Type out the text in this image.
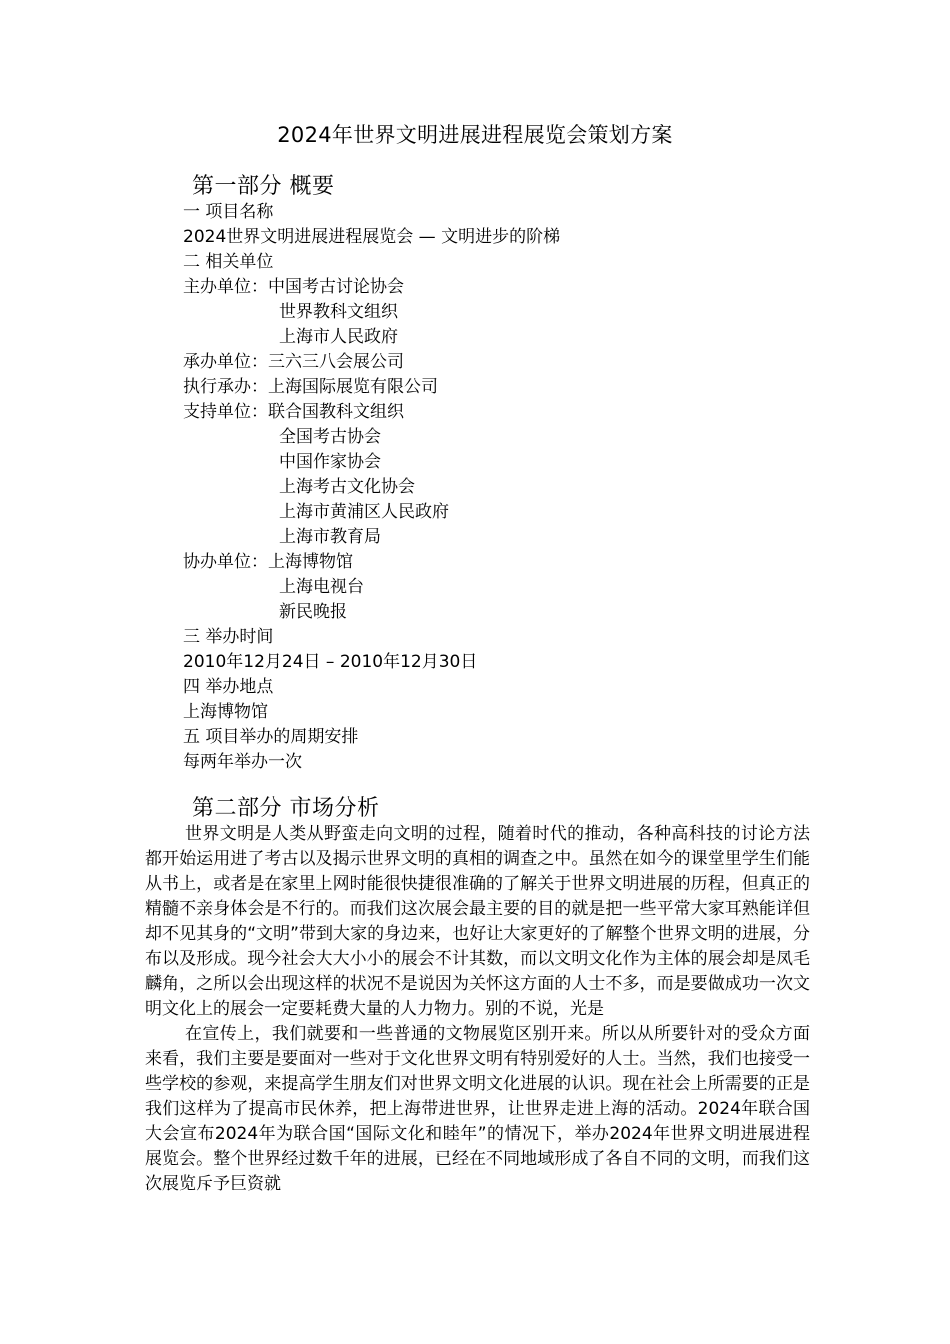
2024年世界文明进展进程展览会策划方案
第一部分 概要
一 项目名称
2024世界文明进展进程展览会 — 文明进步的阶梯
二 相关单位
主办单位：中国考古讨论协会
世界教科文组织
上海市人民政府
承办单位：三六三八会展公司
执行承办：上海国际展览有限公司
支持单位：联合国教科文组织
全国考古协会
中国作家协会
上海考古文化协会
上海市黄浦区人民政府
上海市教育局
协办单位：上海博物馆
上海电视台
新民晚报
三 举办时间
2010年12月24日 – 2010年12月30日
四 举办地点
上海博物馆
五 项目举办的周期安排
每两年举办一次
第二部分 市场分析

世界文明是人类从野蛮走向文明的过程，随着时代的推动，各种高科技的讨论方法都开始运用进了考古以及揭示世界文明的真相的调查之中。虽然在如今的课堂里学生们能从书上，或者是在家里上网时能很快捷很准确的了解关于世界文明进展的历程，但真正的精髓不亲身体会是不行的。而我们这次展会最主要的目的就是把一些平常大家耳熟能详但却不见其身的“文明”带到大家的身边来，也好让大家更好的了解整个世界文明的进展，分布以及形成。现今社会大大小小的展会不计其数，而以文明文化作为主体的展会却是凤毛麟角，之所以会出现这样的状况不是说因为关怀这方面的人士不多，而是要做成功一次文明文化上的展会一定要耗费大量的人力物力。别的不说，光是

在宣传上，我们就要和一些普通的文物展览区别开来。所以从所要针对的受众方面来看，我们主要是要面对一些对于文化世界文明有特别爱好的人士。当然，我们也接受一些学校的参观，来提高学生朋友们对世界文明文化进展的认识。现在社会上所需要的正是我们这样为了提高市民休养，把上海带进世界，让世界走进上海的活动。2024年联合国大会宣布2024年为联合国“国际文化和睦年”的情况下，举办2024年世界文明进展进程展览会。整个世界经过数千年的进展，已经在不同地域形成了各自不同的文明，而我们这次展览斥予巨资就
